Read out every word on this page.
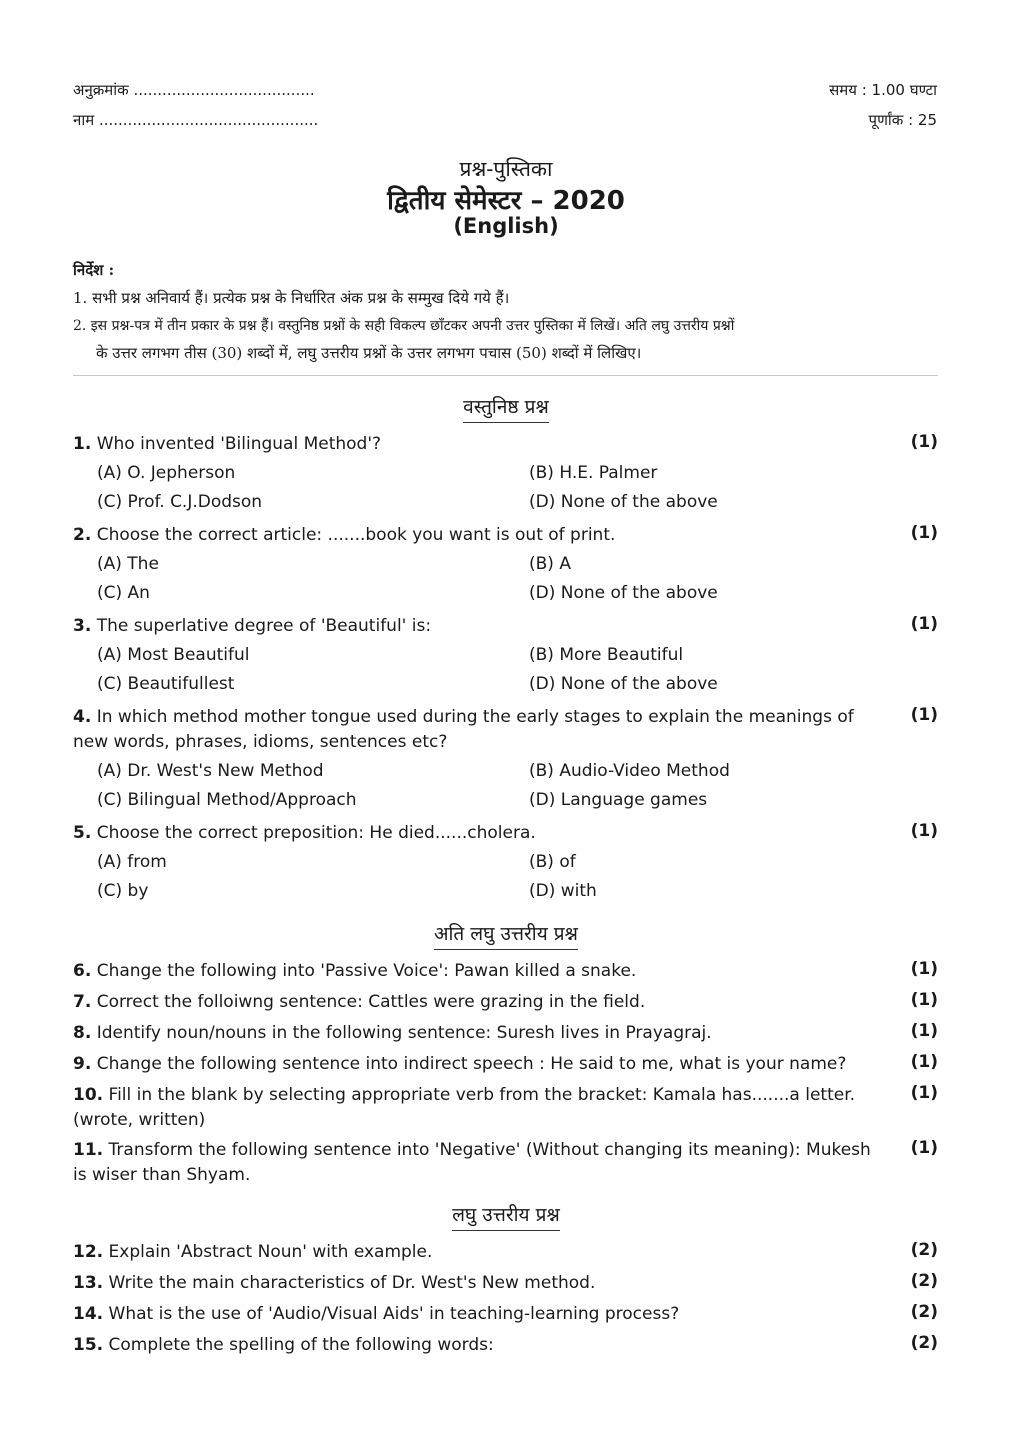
अनुक्रमांक ......................................	समय : 1.00 घण्टा
नाम ..............................................	पूर्णांक : 25
प्रश्न-पुस्तिका
द्वितीय सेमेस्टर – 2020
(English)
निर्देश :
1. सभी प्रश्न अनिवार्य हैं। प्रत्येक प्रश्न के निर्धारित अंक प्रश्न के सम्मुख दिये गये हैं।
2. इस प्रश्न-पत्र में तीन प्रकार के प्रश्न हैं। वस्तुनिष्ठ प्रश्नों के सही विकल्प छाँटकर अपनी उत्तर पुस्तिका में लिखें। अति लघु उत्तरीय प्रश्नों
के उत्तर लगभग तीस (30) शब्दों में, लघु उत्तरीय प्रश्नों के उत्तर लगभग पचास (50) शब्दों में लिखिए।
वस्तुनिष्ठ प्रश्न
1. Who invented 'Bilingual Method'?	(1)
(A) O. Jepherson	(B) H.E. Palmer
(C) Prof. C.J.Dodson	(D) None of the above
2. Choose the correct article: .......book you want is out of print.	(1)
(A) The	(B) A
(C) An	(D) None of the above
3. The superlative degree of 'Beautiful' is:	(1)
(A) Most Beautiful	(B) More Beautiful
(C) Beautifullest	(D) None of the above
4. In which method mother tongue used during the early stages to explain the meanings of new words, phrases, idioms, sentences etc?
(1)
(A) Dr. West's New Method	(B) Audio-Video Method
(C) Bilingual Method/Approach	(D) Language games
5. Choose the correct preposition: He died......cholera.	(1)
(A) from	(B) of
(C) by	(D) with
अति लघु उत्तरीय प्रश्न
6. Change the following into 'Passive Voice': Pawan killed a snake.	(1)
7. Correct the folloiwng sentence: Cattles were grazing in the field.	(1)
8. Identify noun/nouns in the following sentence: Suresh lives in Prayagraj.	(1)
9. Change the following sentence into indirect speech : He said to me, what is your name?	(1)
10. Fill in the blank by selecting appropriate verb from the bracket: Kamala has.......a letter. (wrote, written)
(1)
11. Transform the following sentence into 'Negative' (Without changing its meaning): Mukesh is wiser than Shyam.
(1)
लघु उत्तरीय प्रश्न
12. Explain 'Abstract Noun' with example.	(2)
13. Write the main characteristics of Dr. West's New method.	(2)
14. What is the use of 'Audio/Visual Aids' in teaching-learning process?	(2)
15. Complete the spelling of the following words:	(2)
